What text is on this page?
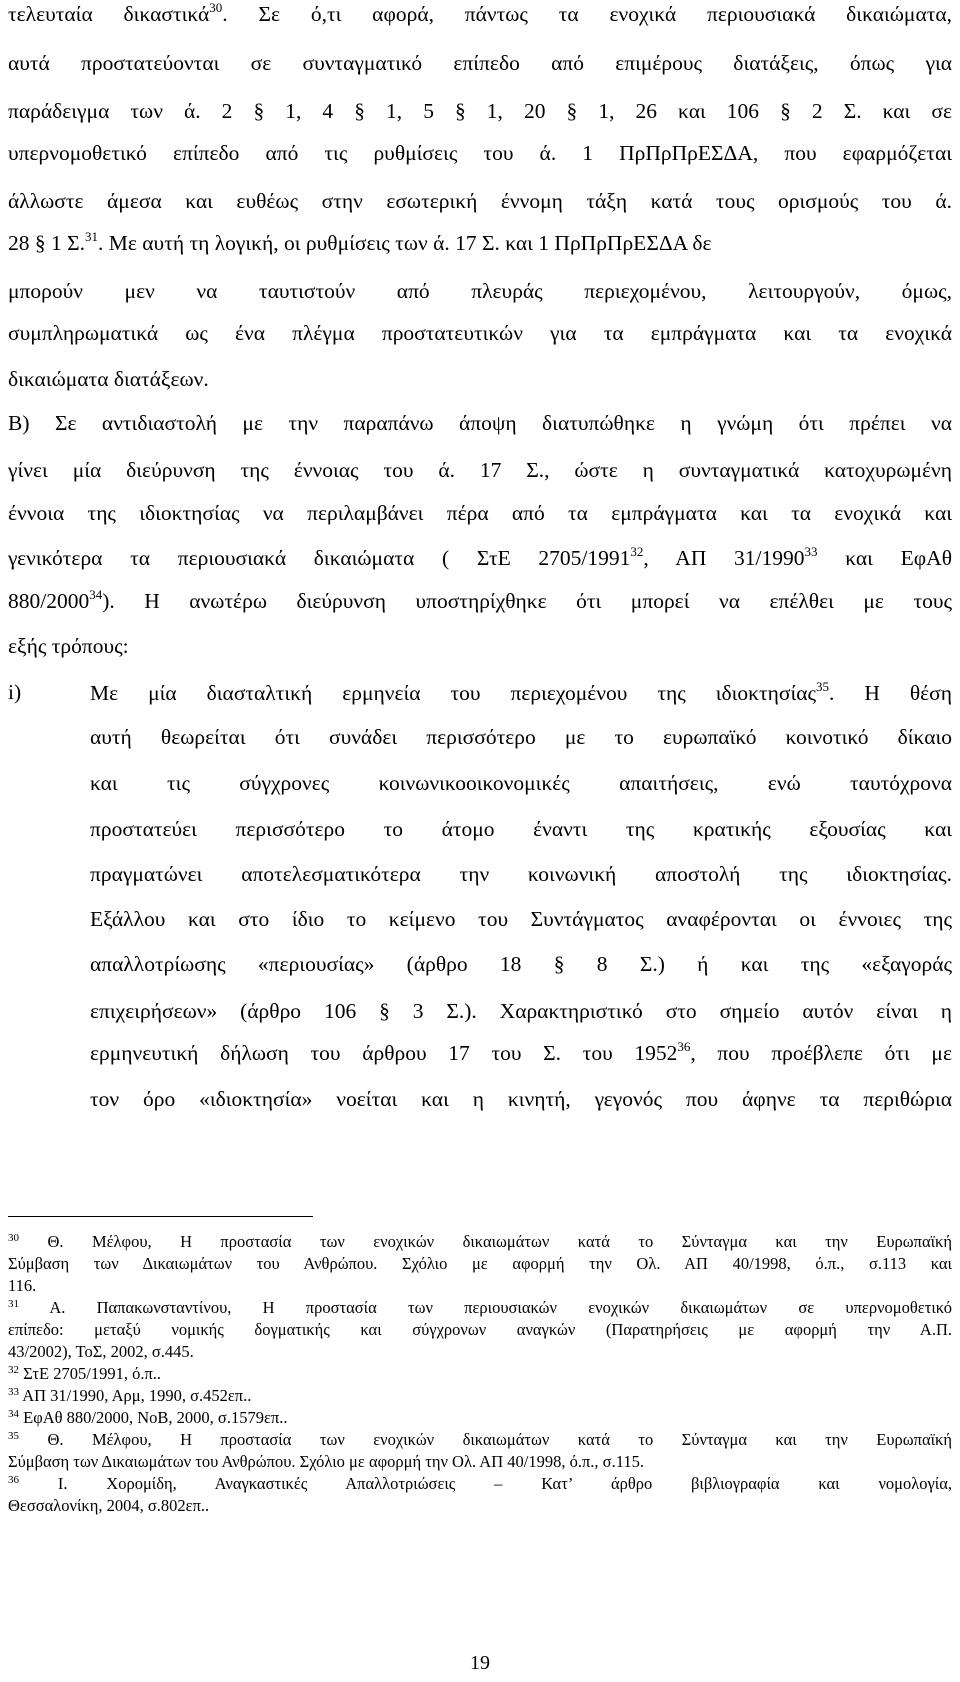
τελευταία δικαστικά$^{30}$. Σε ό,τι αφορά, πάντως τα ενοχικά περιουσιακά δικαιώματα,
αυτά προστατεύονται σε συνταγματικό επίπεδο από επιμέρους διατάξεις, όπως για
παράδειγμα των ά. 2 § 1, 4 § 1, 5 § 1, 20 § 1, 26 και 106 § 2 Σ. και σε
υπερνομοθετικό επίπεδο από τις ρυθμίσεις του ά. 1 ΠρΠρΠρΕΣΔΑ, που εφαρμόζεται
άλλωστε άμεσα και ευθέως στην εσωτερική έννομη τάξη κατά τους ορισμούς του ά.
28 § 1 Σ.$^{31}$. Με αυτή τη λογική, οι ρυθμίσεις των ά. 17 Σ. και 1 ΠρΠρΠρΕΣΔΑ δε
μπορούν μεν να ταυτιστούν από πλευράς περιεχομένου, λειτουργούν, όμως,
συμπληρωματικά ως ένα πλέγμα προστατευτικών για τα εμπράγματα και τα ενοχικά
δικαιώματα διατάξεων.
Β) Σε αντιδιαστολή με την παραπάνω άποψη διατυπώθηκε η γνώμη ότι πρέπει να
γίνει μία διεύρυνση της έννοιας του ά. 17 Σ., ώστε η συνταγματικά κατοχυρωμένη
έννοια της ιδιοκτησίας να περιλαμβάνει πέρα από τα εμπράγματα και τα ενοχικά και
γενικότερα τα περιουσιακά δικαιώματα ( ΣτΕ 2705/1991$^{32}$, ΑΠ 31/1990$^{33}$ και ΕφΑθ
880/2000$^{34}$). Η ανωτέρω διεύρυνση υποστηρίχθηκε ότι μπορεί να επέλθει με τους
εξής τρόπους:
i)	Με μία διασταλτική ερμηνεία του περιεχομένου της ιδιοκτησίας$^{35}$. Η θέση
αυτή θεωρείται ότι συνάδει περισσότερο με το ευρωπαϊκό κοινοτικό δίκαιο
και τις σύγχρονες κοινωνικοοικονομικές απαιτήσεις, ενώ ταυτόχρονα
προστατεύει περισσότερο το άτομο έναντι της κρατικής εξουσίας και
πραγματώνει αποτελεσματικότερα την κοινωνική αποστολή της ιδιοκτησίας.
Εξάλλου και στο ίδιο το κείμενο του Συντάγματος αναφέρονται οι έννοιες της
απαλλοτρίωσης «περιουσίας» (άρθρο 18 § 8 Σ.) ή και της «εξαγοράς
επιχειρήσεων» (άρθρο 106 § 3 Σ.). Χαρακτηριστικό στο σημείο αυτόν είναι η
ερμηνευτική δήλωση του άρθρου 17 του Σ. του 1952$^{36}$, που προέβλεπε ότι με
τον όρο «ιδιοκτησία» νοείται και η κινητή, γεγονός που άφηνε τα περιθώρια
$^{30}$ Θ. Μέλφου, Η προστασία των ενοχικών δικαιωμάτων κατά το Σύνταγμα και την Ευρωπαϊκή
Σύμβαση των Δικαιωμάτων του Ανθρώπου. Σχόλιο με αφορμή την Ολ. ΑΠ 40/1998, ό.π., σ.113 και
116.
$^{31}$ Α. Παπακωνσταντίνου, Η προστασία των περιουσιακών ενοχικών δικαιωμάτων σε υπερνομοθετικό
επίπεδο: μεταξύ νομικής δογματικής και σύγχρονων αναγκών (Παρατηρήσεις με αφορμή την Α.Π.
43/2002), ΤοΣ, 2002, σ.445.
$^{32}$ ΣτΕ 2705/1991, ό.π..
$^{33}$ ΑΠ 31/1990, Αρμ, 1990, σ.452επ..
$^{34}$ ΕφΑθ 880/2000, ΝοΒ, 2000, σ.1579επ..
$^{35}$ Θ. Μέλφου, Η προστασία των ενοχικών δικαιωμάτων κατά το Σύνταγμα και την Ευρωπαϊκή
Σύμβαση των Δικαιωμάτων του Ανθρώπου. Σχόλιο με αφορμή την Ολ. ΑΠ 40/1998, ό.π., σ.115.
$^{36}$ Ι. Χορομίδη, Αναγκαστικές Απαλλοτριώσεις – Κατ’ άρθρο βιβλιογραφία και νομολογία,
Θεσσαλονίκη, 2004, σ.802επ..
19
